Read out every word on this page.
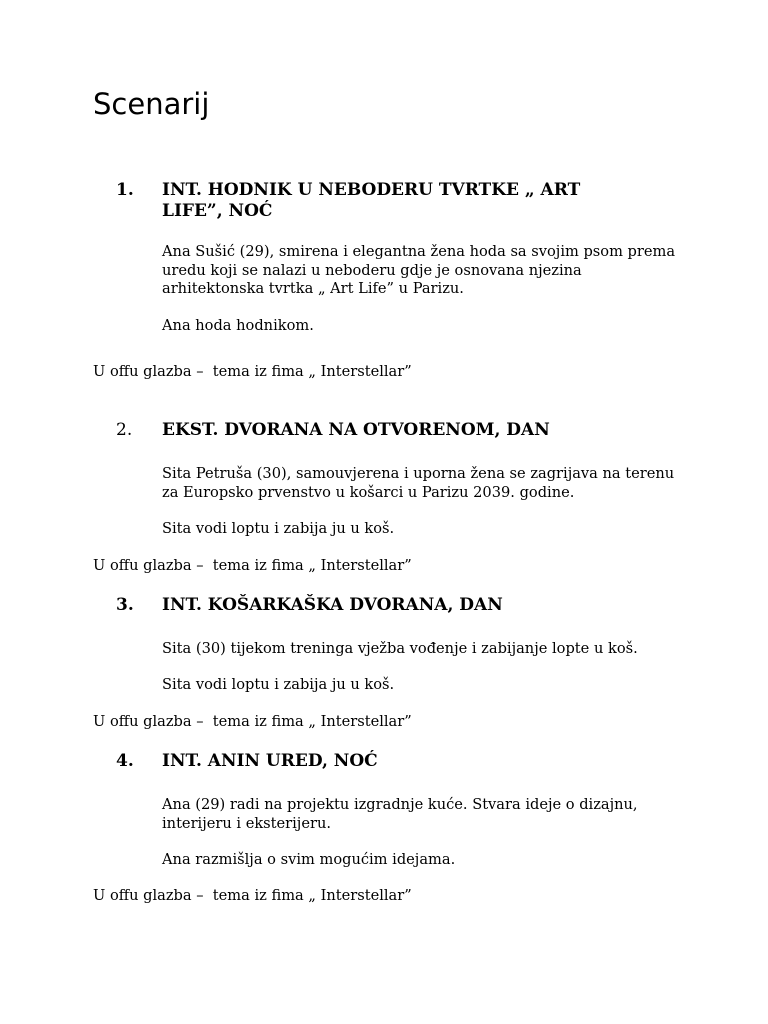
Scenarij
1. INT. HODNIK U NEBODERU TVRTKE „ ART LIFE”, NOĆ

Ana Sušić (29), smirena i elegantna žena hoda sa svojim psom prema uredu koji se nalazi u neboderu gdje je osnovana njezina arhitektonska tvrtka „ Art Life” u Parizu.

Ana hoda hodnikom.

U offu glazba –  tema iz fima „ Interstellar”

2. EKST. DVORANA NA OTVORENOM, DAN

Sita Petruša (30), samouvjerena i uporna žena se zagrijava na terenu za Europsko prvenstvo u košarci u Parizu 2039. godine.

Sita vodi loptu i zabija ju u koš.

U offu glazba –  tema iz fima „ Interstellar”

3. INT. KOŠARKAŠKA DVORANA, DAN

Sita (30) tijekom treninga vježba vođenje i zabijanje lopte u koš.

Sita vodi loptu i zabija ju u koš.

U offu glazba –  tema iz fima „ Interstellar”

4. INT. ANIN URED, NOĆ

Ana (29) radi na projektu izgradnje kuće. Stvara ideje o dizajnu, interijeru i eksterijeru.

Ana razmišlja o svim mogućim idejama.

U offu glazba –  tema iz fima „ Interstellar”
